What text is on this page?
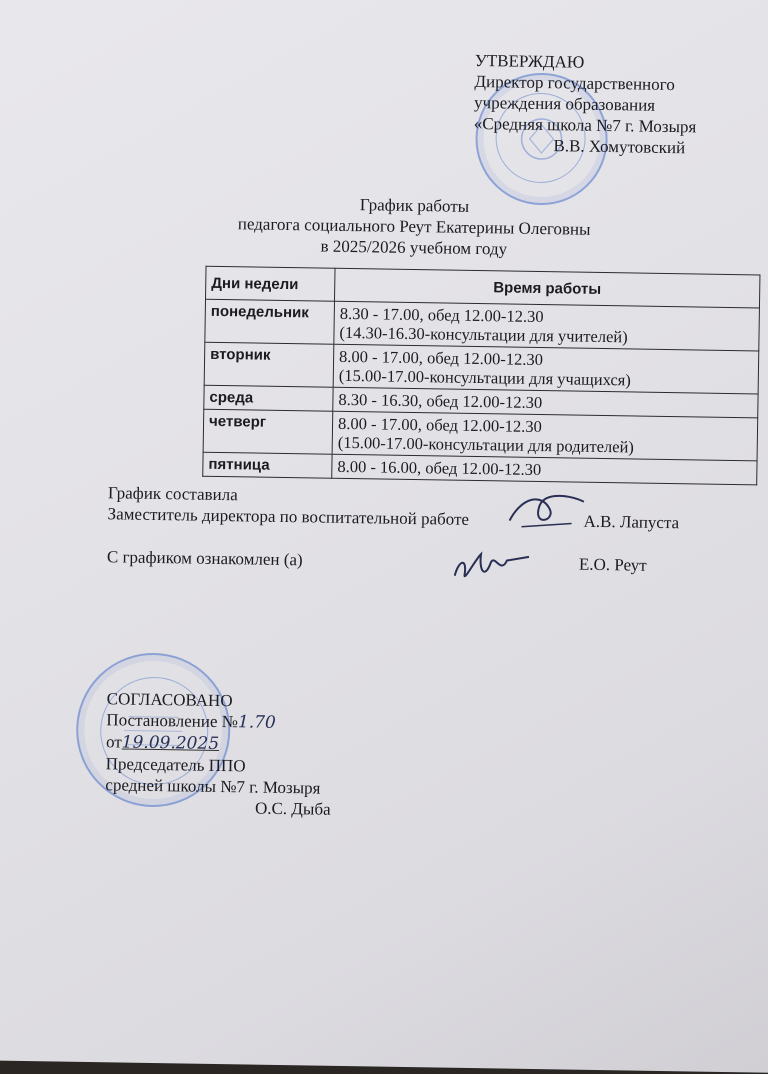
УТВЕРЖДАЮ
Директор государственного
учреждения образования
«Средняя школа №7 г. Мозыря
В.В. Хомутовский
График работы
педагога социального Реут Екатерины Олеговны
в 2025/2026 учебном году
Дни недели	Время работы
понедельник	8.30 - 17.00, обед 12.00-12.30
(14.30-16.30-консультации для учителей)

вторник	8.00 - 17.00, обед 12.00-12.30
(15.00-17.00-консультации для учащихся)

среда	8.30 - 16.30, обед 12.00-12.30

четверг	8.00 - 17.00, обед 12.00-12.30
(15.00-17.00-консультации для родителей)

пятница	8.00 - 16.00, обед 12.00-12.30
График составила
Заместитель директора по воспитательной работе	А.В. Лапуста
С графиком ознакомлен (а)	Е.О. Реут
СОГЛАСОВАНО
Постановление №1.70
от19.09.2025
Председатель ППО
средней школы №7 г. Мозыря
О.С. Дыба
